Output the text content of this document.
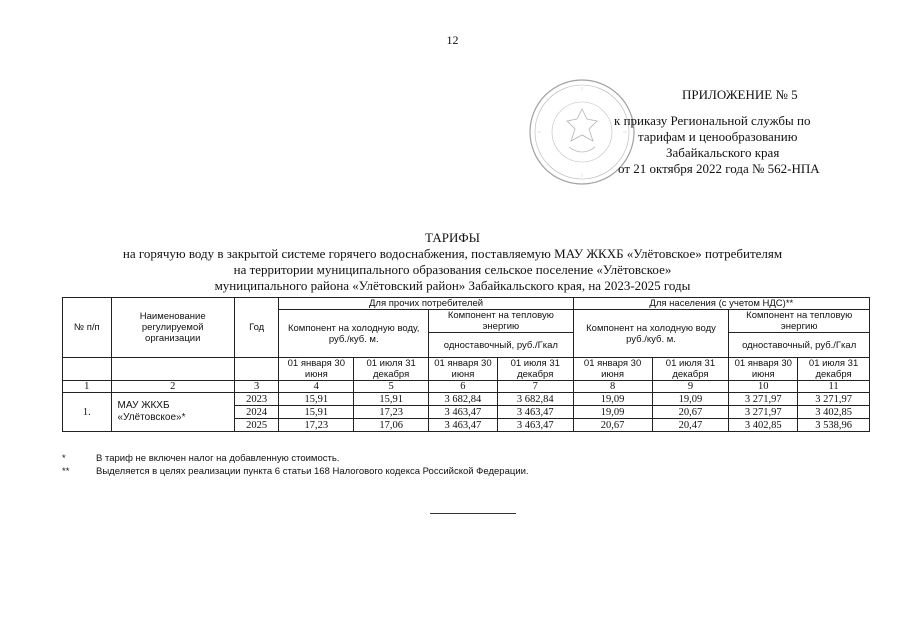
12
ПРИЛОЖЕНИЕ № 5
к приказу Региональной службы по
тарифам и ценообразованию
Забайкальского края
от 21 октября 2022 года № 562-НПА
ТАРИФЫ
на горячую воду в закрытой системе горячего водоснабжения, поставляемую МАУ ЖКХБ «Улётовское» потребителям
на территории муниципального образования сельское поселение «Улётовское»
муниципального района «Улётовский район» Забайкальского края, на 2023-2025 годы
№ п/п	Наименование регулируемой организации	Год	Для прочих потребителей				Для населения (с учетом НДС)**			
			Компонент на холодную воду, руб./куб. м.		Компонент на тепловую энергию		Компонент на холодную воду руб./куб. м.		Компонент на тепловую энергию	
					одноставочный, руб./Гкал				одноставочный, руб./Гкал	
			01 января 30 июня	01 июля 31 декабря	01 января 30 июня	01 июля 31 декабря	01 января 30 июня	01 июля 31 декабря	01 января 30 июня	01 июля 31 декабря
1	2	3	4	5	6	7	8	9	10	11
1.	МАУ ЖКХБ «Улётовское»*	2023	15,91	15,91	3 682,84	3 682,84	19,09	19,09	3 271,97	3 271,97
		2024	15,91	17,23	3 463,47	3 463,47	19,09	20,67	3 271,97	3 402,85
		2025	17,23	17,06	3 463,47	3 463,47	20,67	20,47	3 402,85	3 538,96
*	В тариф не включен налог на добавленную стоимость.
**	Выделяется в целях реализации пункта 6 статьи 168 Налогового кодекса Российской Федерации.
